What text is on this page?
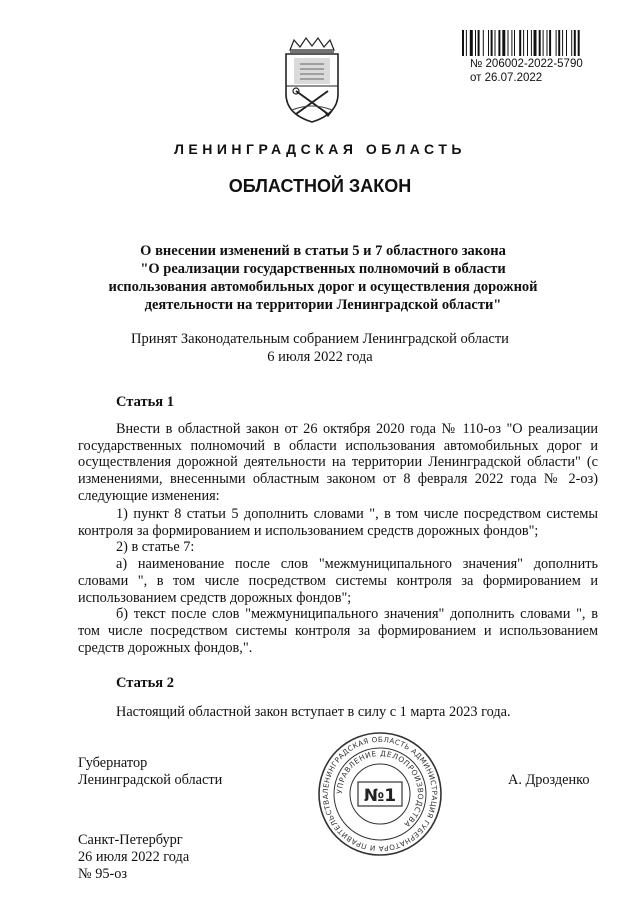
№ 206002-2022-5790
от 26.07.2022
ЛЕНИНГРАДСКАЯ ОБЛАСТЬ
ОБЛАСТНОЙ ЗАКОН
О внесении изменений в статьи 5 и 7 областного закона
"О реализации государственных полномочий в области
использования автомобильных дорог и осуществления дорожной
деятельности на территории Ленинградской области"
Принят Законодательным собранием Ленинградской области
6 июля 2022 года
Статья 1

Внести в областной закон от 26 октября 2020 года № 110-оз "О реализации государственных полномочий в области использования автомобильных дорог и осуществления дорожной деятельности на территории Ленинградской области" (с изменениями, внесенными областным законом от 8 февраля 2022 года № 2-оз) следующие изменения:

1) пункт 8 статьи 5 дополнить словами ", в том числе посредством системы контроля за формированием и использованием средств дорожных фондов";

2) в статье 7:

а) наименование после слов "межмуниципального значения" дополнить словами ", в том числе посредством системы контроля за формированием и использованием средств дорожных фондов";

б) текст после слов "межмуниципального значения" дополнить словами ", в том числе посредством системы контроля за формированием и использованием средств дорожных фондов,".

Статья 2

Настоящий областной закон вступает в силу с 1 марта 2023 года.

Губернатор
Ленинградской области
ЛЕНИНГРАДСКАЯ ОБЛАСТЬ АДМИНИСТРАЦИЯ ГУБЕРНАТОРА И ПРАВИТЕЛЬСТВА
УПРАВЛЕНИЕ ДЕЛОПРОИЗВОДСТВА
№1
А. Дрозденко
Санкт-Петербург
26 июля 2022 года
№ 95-оз
